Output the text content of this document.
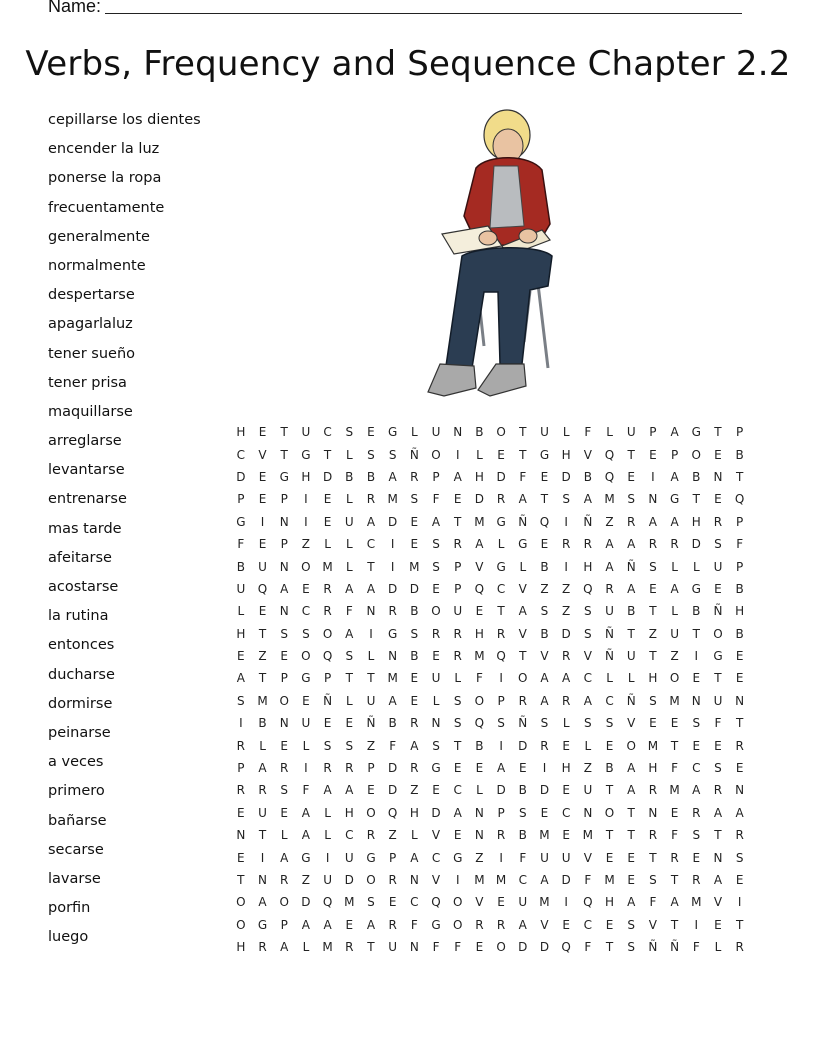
Name:
Verbs, Frequency and Sequence Chapter 2.2
cepillarse los dientes
encender la luz
ponerse la ropa
frecuentamente
generalmente
normalmente
despertarse
apagarlaluz
tener sueño
tener prisa
maquillarse
arreglarse
levantarse
entrenarse
mas tarde
afeitarse
acostarse
la rutina
entonces
ducharse
dormirse
peinarse
a veces
primero
bañarse
secarse
lavarse
porfin
luego
H	E	T	U	C	S	E	G	L	U	N	B	O	T	U	L	F	L	U	P	A	G	T	P
C	V	T	G	T	L	S	S	Ñ	O	I	L	E	T	G	H	V	Q	T	E	P	O	E	B
D	E	G	H	D	B	B	A	R	P	A	H	D	F	E	D	B	Q	E	I	A	B	N	T
P	E	P	I	E	L	R	M	S	F	E	D	R	A	T	S	A	M	S	N	G	T	E	Q
G	I	N	I	E	U	A	D	E	A	T	M	G	Ñ	Q	I	Ñ	Z	R	A	A	H	R	P
F	E	P	Z	L	L	C	I	E	S	R	A	L	G	E	R	R	A	A	R	R	D	S	F
B	U	N	O	M	L	T	I	M	S	P	V	G	L	B	I	H	A	Ñ	S	L	L	U	P
U	Q	A	E	R	A	A	D	D	E	P	Q	C	V	Z	Z	Q	R	A	E	A	G	E	B
L	E	N	C	R	F	N	R	B	O	U	E	T	A	S	Z	S	U	B	T	L	B	Ñ	H
H	T	S	S	O	A	I	G	S	R	R	H	R	V	B	D	S	Ñ	T	Z	U	T	O	B
E	Z	E	O	Q	S	L	N	B	E	R	M	Q	T	V	R	V	Ñ	U	T	Z	I	G	E
A	T	P	G	P	T	T	M	E	U	L	F	I	O	A	A	C	L	L	H	O	E	T	E
S	M	O	E	Ñ	L	U	A	E	L	S	O	P	R	A	R	A	C	Ñ	S	M	N	U	N
I	B	N	U	E	E	Ñ	B	R	N	S	Q	S	Ñ	S	L	S	S	V	E	E	S	F	T
R	L	E	L	S	S	Z	F	A	S	T	B	I	D	R	E	L	E	O	M	T	E	E	R
P	A	R	I	R	R	P	D	R	G	E	E	A	E	I	H	Z	B	A	H	F	C	S	E
R	R	S	F	A	A	E	D	Z	E	C	L	D	B	D	E	U	T	A	R	M	A	R	N
E	U	E	A	L	H	O	Q	H	D	A	N	P	S	E	C	N	O	T	N	E	R	A	A
N	T	L	A	L	C	R	Z	L	V	E	N	R	B	M	E	M	T	T	R	F	S	T	R
E	I	A	G	I	U	G	P	A	C	G	Z	I	F	U	U	V	E	E	T	R	E	N	S
T	N	R	Z	U	D	O	R	N	V	I	M	M	C	A	D	F	M	E	S	T	R	A	E
O	A	O	D	Q	M	S	E	C	Q	O	V	E	U	M	I	Q	H	A	F	A	M	V	I
O	G	P	A	A	E	A	R	F	G	O	R	R	A	V	E	C	E	S	V	T	I	E	T
H	R	A	L	M	R	T	U	N	F	F	E	O	D	D	Q	F	T	S	Ñ	Ñ	F	L	R
